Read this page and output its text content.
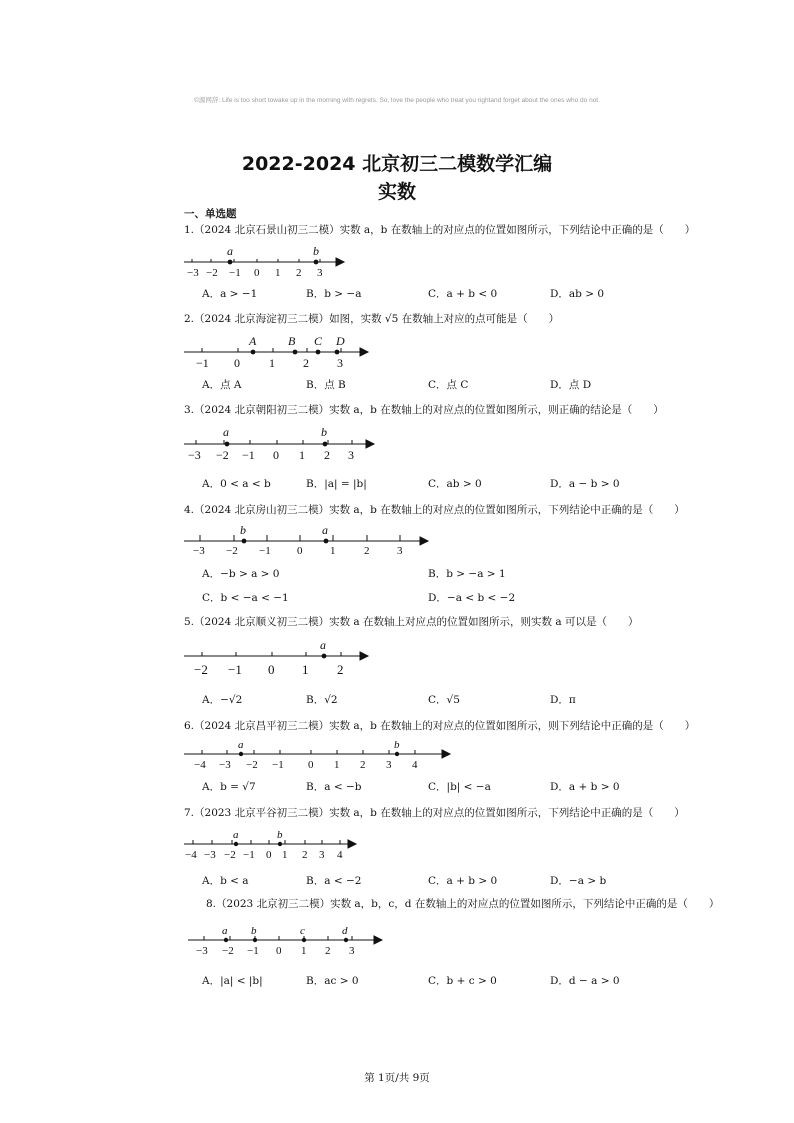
©源网辞: Life is too short towake up in the morning with regrets. So, love the people who treat you rightand forget about the ones who do not.
2022-2024 北京初三二模数学汇编
实数
一、单选题
1.（2024 北京石景山初三二模）实数 a，b 在数轴上的对应点的位置如图所示，下列结论中正确的是（　　）
−3 −2 −1 0 1 2 3
a	b
A．a > −1	B．b > −a	C．a + b < 0	D．ab > 0
2.（2024 北京海淀初三二模）如图，实数 √5 在数轴上对应的点可能是（　　）
−1 0 1 2 3
A	B C D
A．点 A	B．点 B	C．点 C	D．点 D
3.（2024 北京朝阳初三二模）实数 a，b 在数轴上的对应点的位置如图所示，则正确的结论是（　　）
−3 −2 −1 0 1 2 3
a	b
A．0 < a < b	B．|a| = |b|	C．ab > 0	D．a − b > 0
4.（2024 北京房山初三二模）实数 a，b 在数轴上的对应点的位置如图所示，下列结论中正确的是（　　）
−3 −2 −1 0	1	2	3
b	a
A．−b > a > 0	B．b > −a > 1
C．b < −a < −1	D．−a < b < −2
5.（2024 北京顺义初三二模）实数 a 在数轴上对应点的位置如图所示，则实数 a 可以是（　　）
−2 −1 0 1 2
a
A．−√2	B．√2	C．√5	D．π
6.（2024 北京昌平初三二模）实数 a，b 在数轴上的对应点的位置如图所示，则下列结论中正确的是（　　）
−4 −3 −2 −1 0 1 2 3 4
a	b
A．b = √7	B．a < −b	C．|b| < −a	D．a + b > 0
7.（2023 北京平谷初三二模）实数 a，b 在数轴上的对应点的位置如图所示，下列结论中正确的是（　　）
−4 −3 −2 −1 0 1 2 3 4
a	b
A．b < a	B．a < −2	C．a + b > 0	D．−a > b
8.（2023 北京初三二模）实数 a，b，c，d 在数轴上的对应点的位置如图所示，下列结论中正确的是（　　）
−3 −2 −1 0 1 2 3
a b	c	d
A．|a| < |b|	B．ac > 0	C．b + c > 0	D．d − a > 0
第 1页/共 9页
